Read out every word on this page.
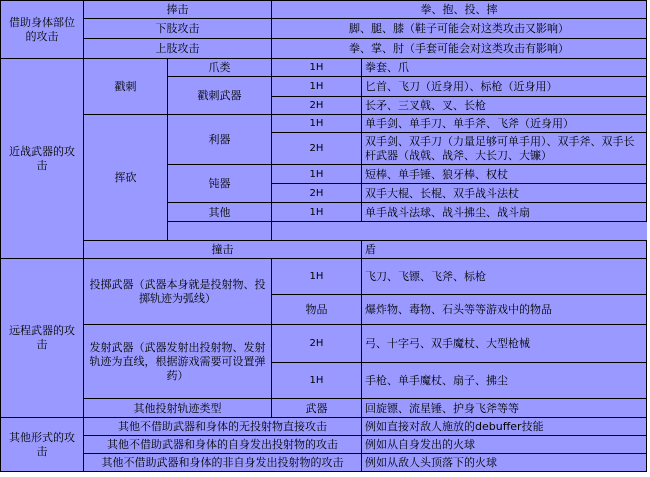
借助身体部位的攻击	捧击		拳、抱、投、摔	
	下肢攻击		脚、腿、膝（鞋子可能会对这类攻击又影响）	
	上肢攻击		拳、掌、肘（手套可能会对这类攻击有影响）	
近战武器的攻击	戳刺	爪类	1H	拳套、爪
		戳刺武器	1H	匕首、飞刀（近身用）、标枪（近身用）
			2H	长矛、三叉戟、叉、长枪
	挥砍	利器	1H	单手剑、单手刀、单手斧、飞斧（近身用）
			2H	双手剑、双手刀（力量足够可单手用）、双手斧、双手长杆武器（战戟、战斧、大长刀、大镰）
		钝器	1H	短棒、单手锤、狼牙棒、权杖
			2H	双手大棍、长棍、双手战斗法杖
		其他	1H	单手战斗法球、战斗拂尘、战斗扇

	撞击			盾
远程武器的攻击	投掷武器（武器本身就是投射物、投掷轨迹为弧线）		1H	飞刀、飞镖、飞斧、标枪
			物品	爆炸物、毒物、石头等等游戏中的物品
	发射武器（武器发射出投射物、发射轨迹为直线，根据游戏需要可设置弹药）		2H	弓、十字弓、双手魔杖、大型枪械
			1H	手枪、单手魔杖、扇子、拂尘
	其他投射轨迹类型		武器	回旋镖、流星锤、护身飞斧等等
其他形式的攻击	其他不借助武器和身体的无投射物直接攻击			例如直接对敌人施放的debuffer技能
	其他不借助武器和身体的自身发出投射物的攻击			例如从自身发出的火球
	其他不借助武器和身体的非自身发出投射物的攻击			例如从敌人头顶落下的火球
